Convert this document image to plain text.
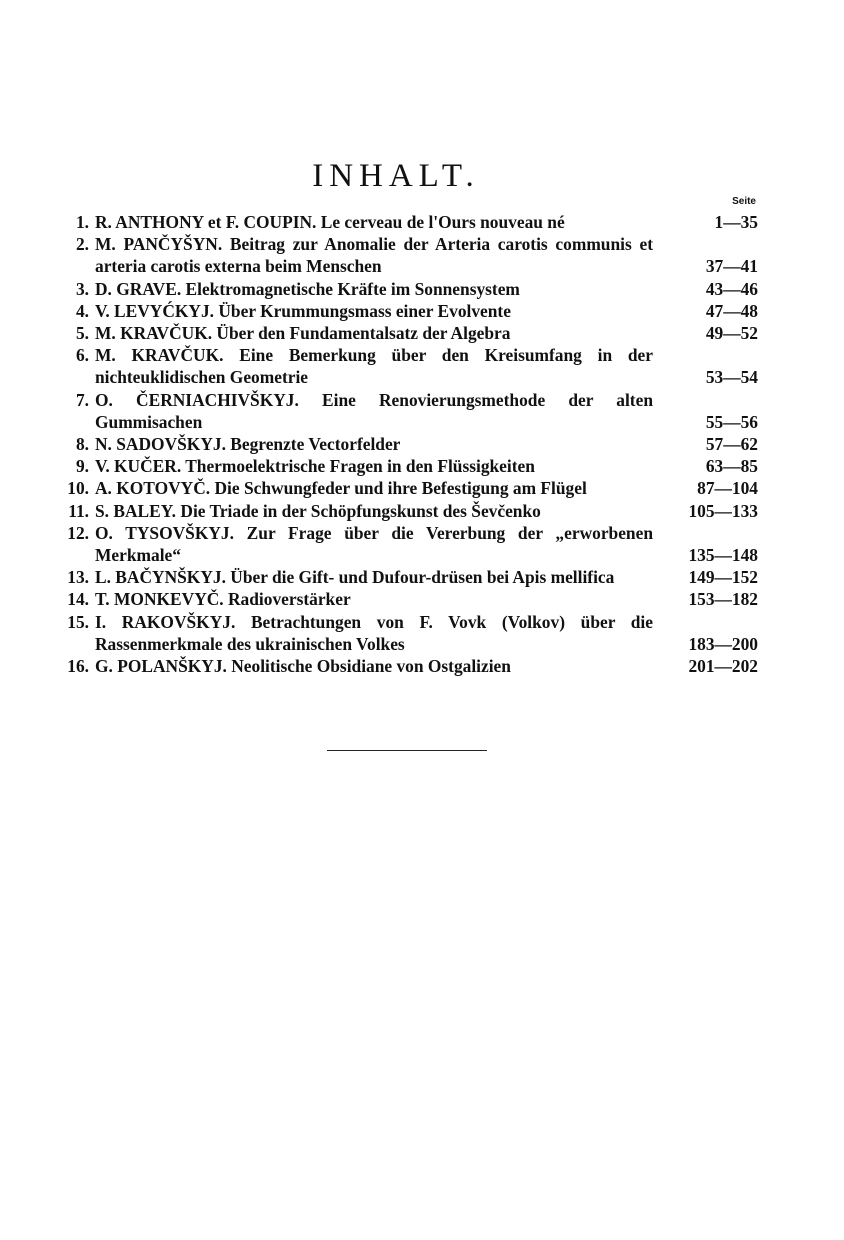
INHALT.
Seite
1. R. ANTHONY et F. COUPIN. Le cerveau de l'Ours nouveau né	1—35
2. M. PANČYŠYN. Beitrag zur Anomalie der Arteria carotis communis et arteria carotis externa beim Menschen	37—41
3. D. GRAVE. Elektromagnetische Kräfte im Sonnensystem	43—46
4. V. LEVYĆKYJ. Über Krummungsmass einer Evolvente	47—48
5. M. KRAVČUK. Über den Fundamentalsatz der Algebra	49—52
6. M. KRAVČUK. Eine Bemerkung über den Kreisumfang in der nichteuklidischen Geometrie	53—54
7. O. ČERNIACHIVŠKYJ. Eine Renovierungsmethode der alten Gummisachen	55—56
8. N. SADOVŠKYJ. Begrenzte Vectorfelder	57—62
9. V. KUČER. Thermoelektrische Fragen in den Flüssigkeiten	63—85
10. A. KOTOVYČ. Die Schwungfeder und ihre Befestigung am Flügel	87—104
11. S. BALEY. Die Triade in der Schöpfungskunst des Ševčenko	105—133
12. O. TYSOVŠKYJ. Zur Frage über die Vererbung der „erworbenen Merkmale“	135—148
13. L. BAČYNŠKYJ. Über die Gift- und Dufour-drüsen bei Apis mellifica	149—152
14. T. MONKEVYČ. Radioverstärker	153—182
15. I. RAKOVŠKYJ. Betrachtungen von F. Vovk (Volkov) über die Rassenmerkmale des ukrainischen Volkes	183—200
16. G. POLANŠKYJ. Neolitische Obsidiane von Ostgalizien	201—202
